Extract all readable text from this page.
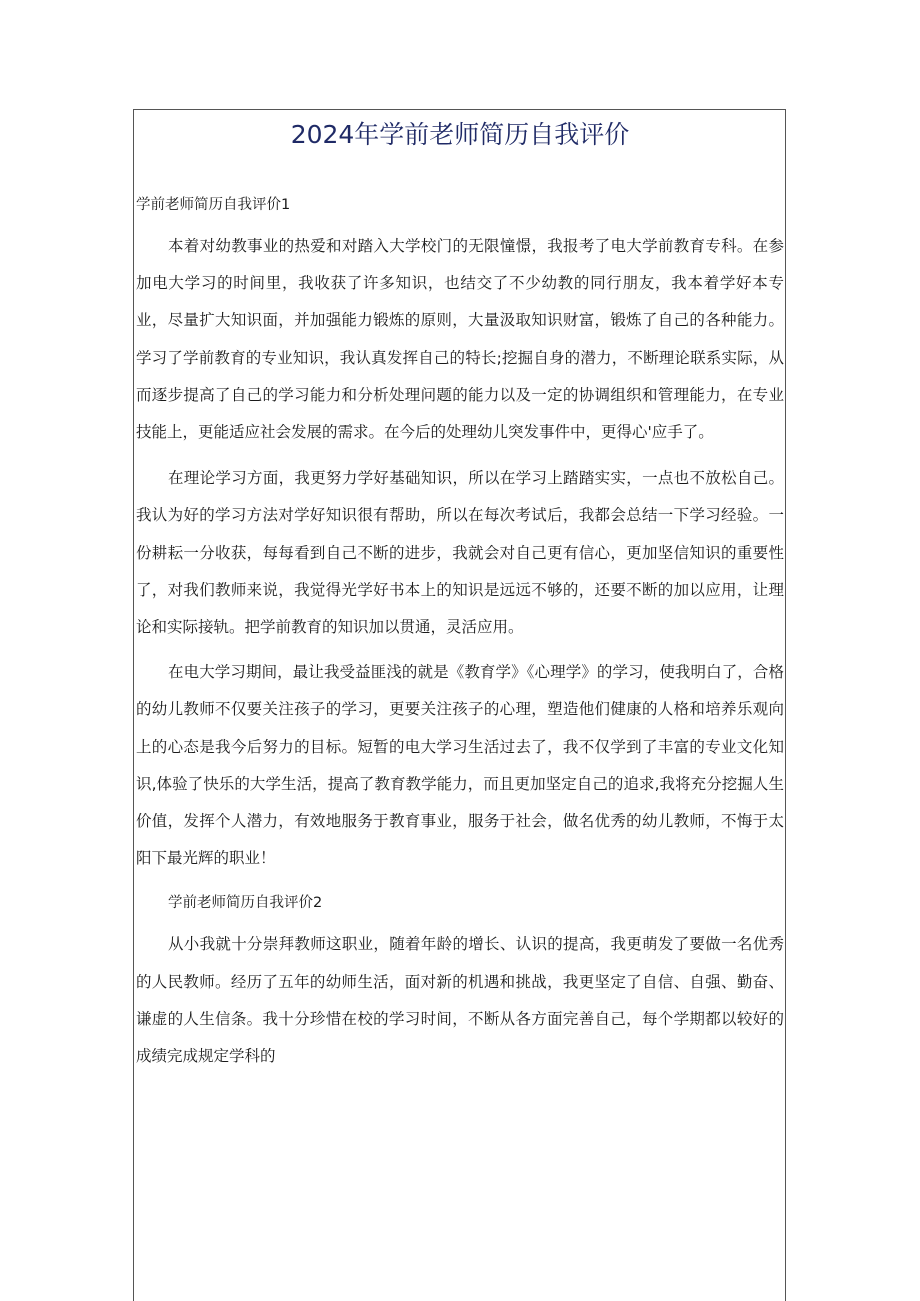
2024年学前老师简历自我评价

学前老师简历自我评价1

本着对幼教事业的热爱和对踏入大学校门的无限憧憬，我报考了电大学前教育专科。在参加电大学习的时间里，我收获了许多知识，也结交了不少幼教的同行朋友，我本着学好本专业，尽量扩大知识面，并加强能力锻炼的原则，大量汲取知识财富，锻炼了自己的各种能力。学习了学前教育的专业知识，我认真发挥自己的特长;挖掘自身的潜力，不断理论联系实际，从而逐步提高了自己的学习能力和分析处理问题的能力以及一定的协调组织和管理能力，在专业技能上，更能适应社会发展的需求。在今后的处理幼儿突发事件中，更得心'应手了。

在理论学习方面，我更努力学好基础知识，所以在学习上踏踏实实，一点也不放松自己。我认为好的学习方法对学好知识很有帮助，所以在每次考试后，我都会总结一下学习经验。一份耕耘一分收获，每每看到自己不断的进步，我就会对自己更有信心，更加坚信知识的重要性了，对我们教师来说，我觉得光学好书本上的知识是远远不够的，还要不断的加以应用，让理论和实际接轨。把学前教育的知识加以贯通，灵活应用。

在电大学习期间，最让我受益匪浅的就是《教育学》《心理学》的学习，使我明白了，合格的幼儿教师不仅要关注孩子的学习，更要关注孩子的心理，塑造他们健康的人格和培养乐观向上的心态是我今后努力的目标。短暂的电大学习生活过去了，我不仅学到了丰富的专业文化知识,体验了快乐的大学生活，提高了教育教学能力，而且更加坚定自己的追求,我将充分挖掘人生价值，发挥个人潜力，有效地服务于教育事业，服务于社会，做名优秀的幼儿教师，不悔于太阳下最光辉的职业！

学前老师简历自我评价2

从小我就十分崇拜教师这职业，随着年龄的增长、认识的提高，我更萌发了要做一名优秀的人民教师。经历了五年的幼师生活，面对新的机遇和挑战，我更坚定了自信、自强、勤奋、谦虚的人生信条。我十分珍惜在校的学习时间，不断从各方面完善自己，每个学期都以较好的成绩完成规定学科的
